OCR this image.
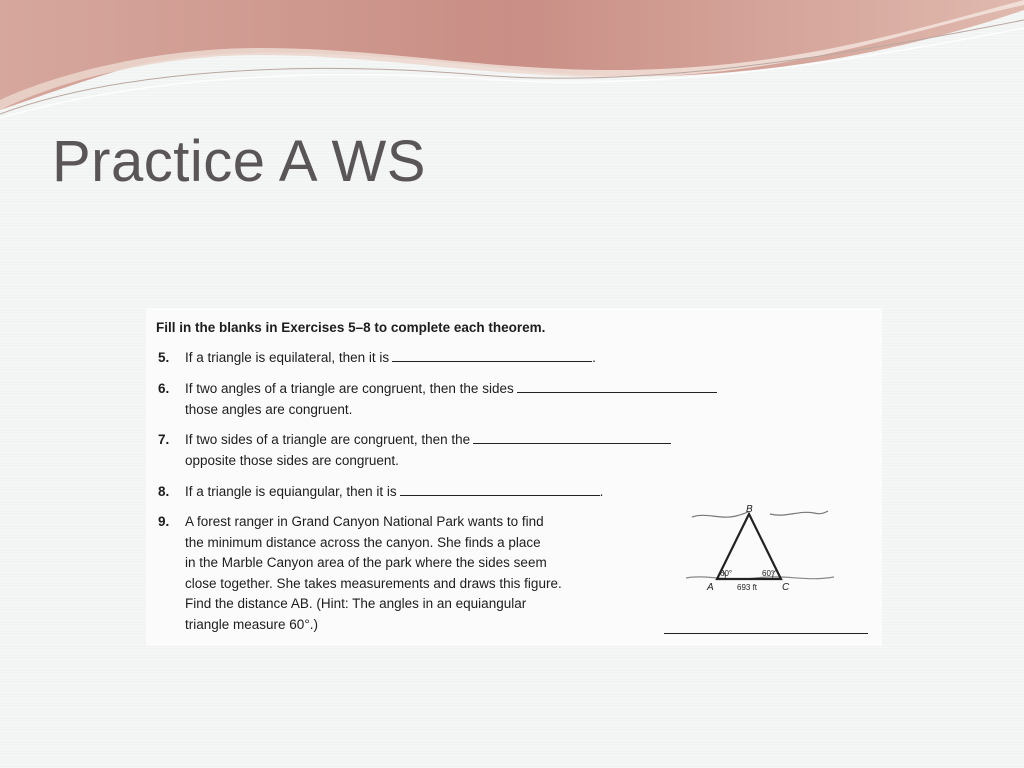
Practice A WS
Fill in the blanks in Exercises 5–8 to complete each theorem.
5. If a triangle is equilateral, then it is	.
6. If two angles of a triangle are congruent, then the sides
those angles are congruent.
7. If two sides of a triangle are congruent, then the
opposite those sides are congruent.
8. If a triangle is equiangular, then it is	.
9. A forest ranger in Grand Canyon National Park wants to find
the minimum distance across the canyon. She finds a place
in the Marble Canyon area of the park where the sides seem
close together. She takes measurements and draws this figure.
Find the distance AB. (Hint: The angles in an equiangular
triangle measure 60°.)
B
A	C
60°	60°
693 ft
